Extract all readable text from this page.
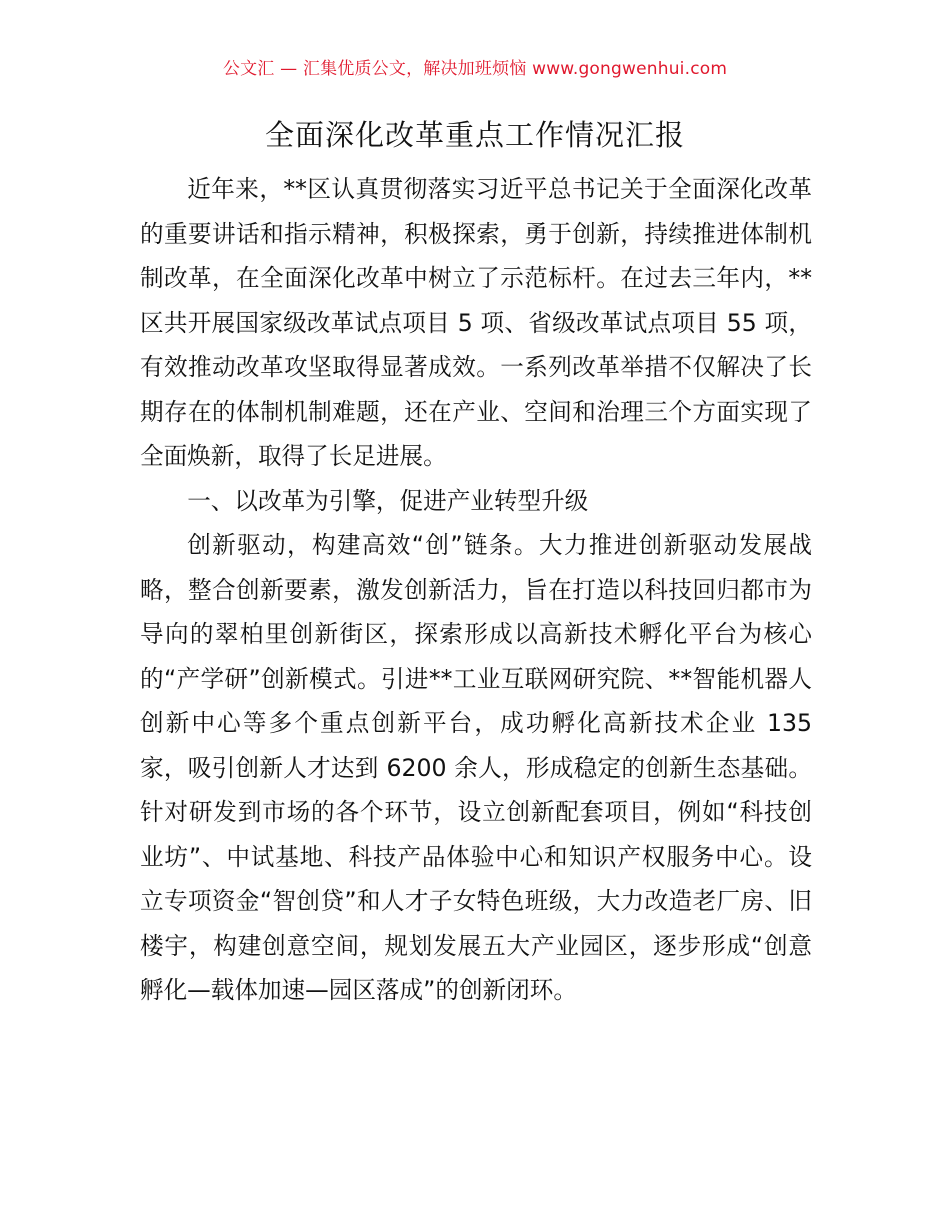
公文汇 — 汇集优质公文，解决加班烦恼 www.gongwenhui.com
全面深化改革重点工作情况汇报

近年来，**区认真贯彻落实习近平总书记关于全面深化改革的重要讲话和指示精神，积极探索，勇于创新，持续推进体制机制改革，在全面深化改革中树立了示范标杆。在过去三年内，**区共开展国家级改革试点项目 5 项、省级改革试点项目 55 项，有效推动改革攻坚取得显著成效。一系列改革举措不仅解决了长期存在的体制机制难题，还在产业、空间和治理三个方面实现了全面焕新，取得了长足进展。

一、以改革为引擎，促进产业转型升级

创新驱动，构建高效“创”链条。大力推进创新驱动发展战略，整合创新要素，激发创新活力，旨在打造以科技回归都市为导向的翠柏里创新街区，探索形成以高新技术孵化平台为核心的“产学研”创新模式。引进**工业互联网研究院、**智能机器人创新中心等多个重点创新平台，成功孵化高新技术企业 135 家，吸引创新人才达到 6200 余人，形成稳定的创新生态基础。针对研发到市场的各个环节，设立创新配套项目，例如“科技创业坊”、中试基地、科技产品体验中心和知识产权服务中心。设立专项资金“智创贷”和人才子女特色班级，大力改造老厂房、旧楼宇，构建创意空间，规划发展五大产业园区，逐步形成“创意孵化—载体加速—园区落成”的创新闭环。
